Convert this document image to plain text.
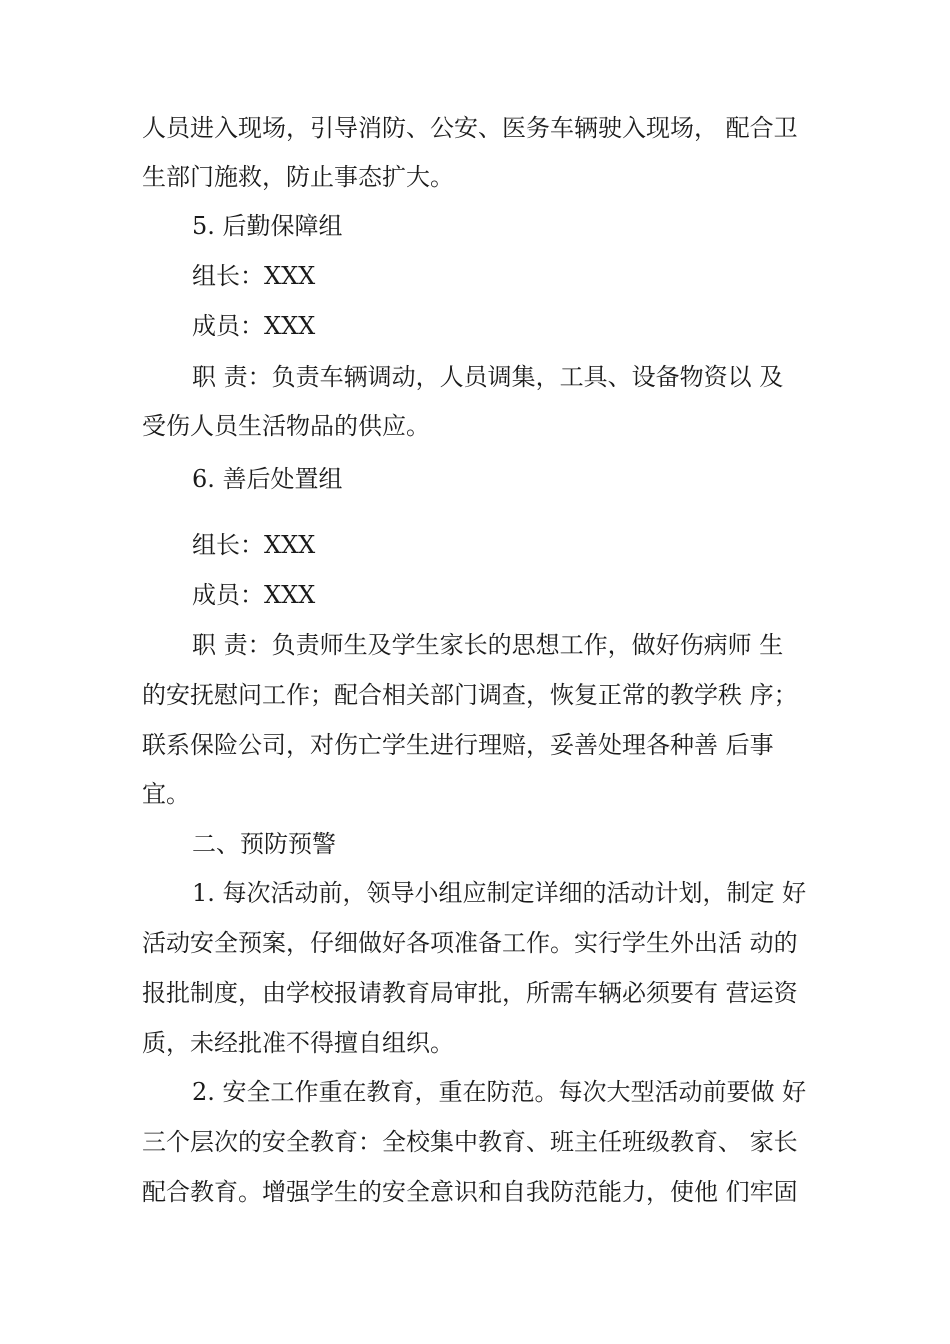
人员进入现场，引导消防、公安、医务车辆驶入现场， 配合卫
生部门施救，防止事态扩大。
5. 后勤保障组
组长：XXX
成员：XXX
职 责：负责车辆调动，人员调集，工具、设备物资以 及
受伤人员生活物品的供应。
6. 善后处置组
组长：XXX
成员：XXX
职 责：负责师生及学生家长的思想工作，做好伤病师 生
的安抚慰问工作；配合相关部门调查，恢复正常的教学秩 序；
联系保险公司，对伤亡学生进行理赔，妥善处理各种善 后事
宜。
二、预防预警
1. 每次活动前，领导小组应制定详细的活动计划，制定 好
活动安全预案，仔细做好各项准备工作。实行学生外出活 动的
报批制度，由学校报请教育局审批，所需车辆必须要有 营运资
质，未经批准不得擅自组织。
2. 安全工作重在教育，重在防范。每次大型活动前要做 好
三个层次的安全教育：全校集中教育、班主任班级教育、 家长
配合教育。增强学生的安全意识和自我防范能力，使他 们牢固
